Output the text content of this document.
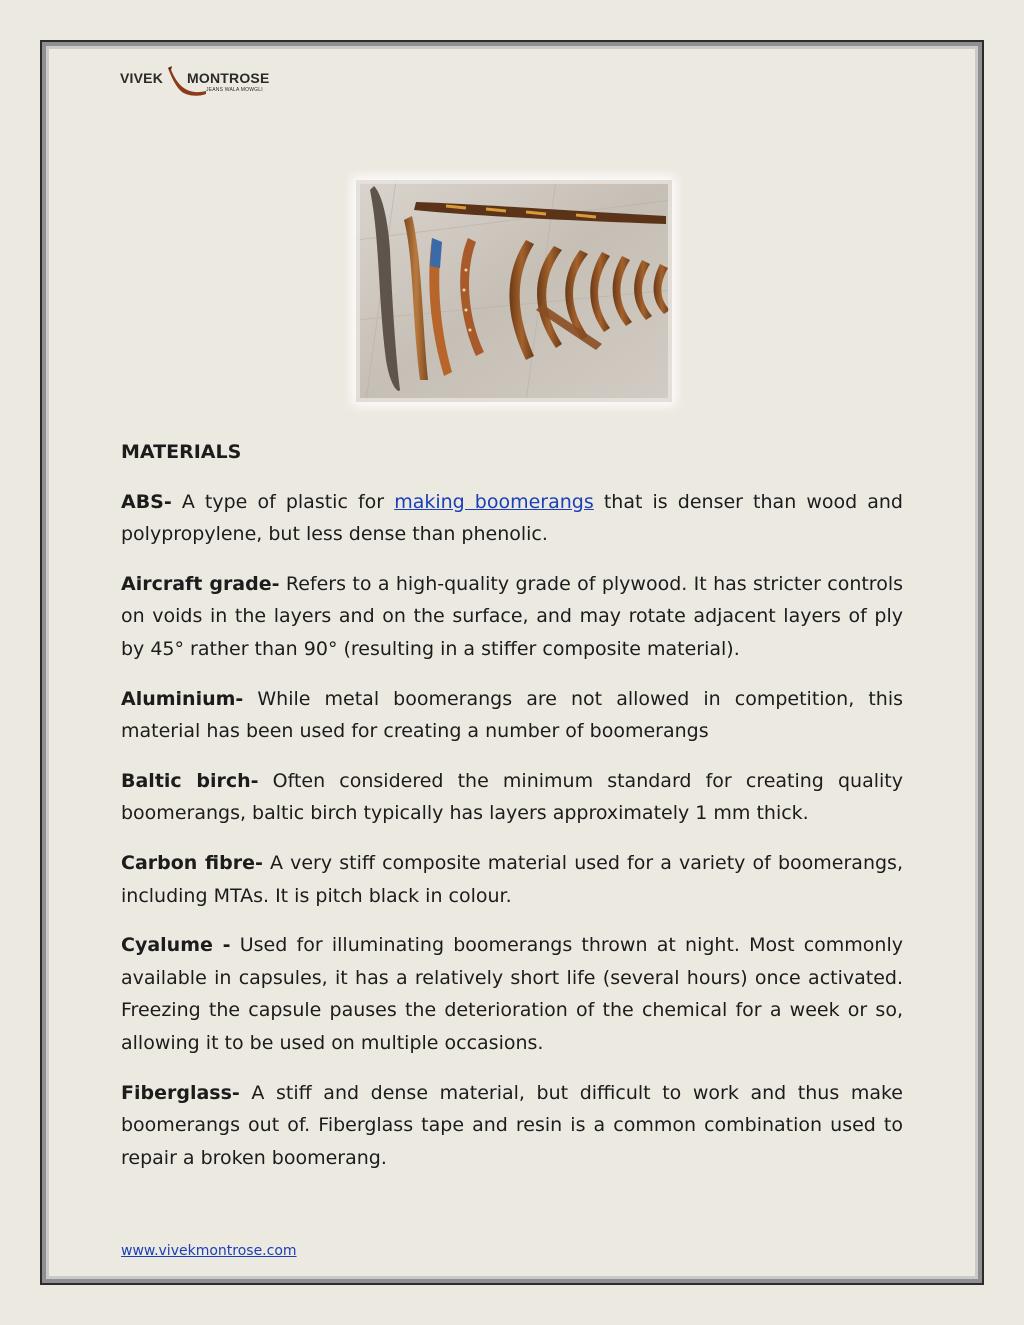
VIVEK MONTROSE
JEANS WALA MOWGLI
MATERIALS

ABS- A type of plastic for making boomerangs that is denser than wood and polypropylene, but less dense than phenolic.

Aircraft grade- Refers to a high-quality grade of plywood. It has stricter controls on voids in the layers and on the surface, and may rotate adjacent layers of ply by 45° rather than 90° (resulting in a stiffer composite material).

Aluminium- While metal boomerangs are not allowed in competition, this material has been used for creating a number of boomerangs

Baltic birch- Often considered the minimum standard for creating quality boomerangs, baltic birch typically has layers approximately 1 mm thick.

Carbon fibre- A very stiff composite material used for a variety of boomerangs, including MTAs. It is pitch black in colour.

Cyalume - Used for illuminating boomerangs thrown at night. Most commonly available in capsules, it has a relatively short life (several hours) once activated. Freezing the capsule pauses the deterioration of the chemical for a week or so, allowing it to be used on multiple occasions.

Fiberglass- A stiff and dense material, but difficult to work and thus make boomerangs out of. Fiberglass tape and resin is a common combination used to repair a broken boomerang.

www.vivekmontrose.com
